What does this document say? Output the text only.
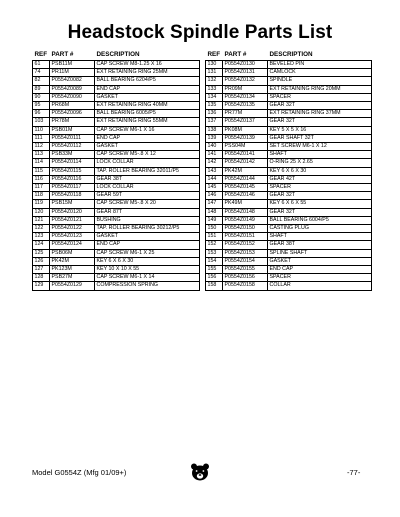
Headstock Spindle Parts List
REF	PART #	DESCRIPTION
61	PSB11M	CAP SCREW M8-1.25 X 16
74	PR11M	EXT RETAINING RING 25MM
82	P0554Z0082	BALL BEARING 6204/P5
89	P0554Z0089	END CAP
90	P0554Z0090	GASKET
95	PR68M	EXT RETAINING RING 40MM
96	P0554Z0096	BALL BEARING 6005/P5
103	PR78M	EXT RETAINING RING 55MM
110	PSB01M	CAP SCREW M6-1 X 16
111	P0554Z0111	END CAP
112	P0554Z0112	GASKET
113	PSB33M	CAP SCREW M5-.8 X 12
114	P0554Z0114	LOCK COLLAR
115	P0554Z0115	TAP. ROLLER BEARING 32011/P5
116	P0554Z0116	GEAR 38T
117	P0554Z0117	LOCK COLLAR
118	P0554Z0118	GEAR 59T
119	PSB15M	CAP SCREW M5-.8 X 20
120	P0554Z0120	GEAR 87T
121	P0554Z0121	BUSHING
122	P0554Z0122	TAP. ROLLER BEARING 30212/P5
123	P0554Z0123	GASKET
124	P0554Z0124	END CAP
125	PSB06M	CAP SCREW M6-1 X 25
126	PK42M	KEY 6 X 6 X 30
127	PK123M	KEY 10 X 10 X 55
128	PSB27M	CAP SCREW M6-1 X 14
129	P0554Z0129	COMPRESSION SPRING
REF	PART #	DESCRIPTION
130	P0554Z0130	BEVELED PIN
131	P0554Z0131	CAMLOCK
132	P0554Z0132	SPINDLE
133	PR09M	EXT RETAINING RING 20MM
134	P0554Z0134	SPACER
135	P0554Z0135	GEAR 32T
136	PR77M	EXT RETAINING RING 37MM
137	P0554Z0137	GEAR 32T
138	PK08M	KEY 5 X 5 X 16
139	P0554Z0139	GEAR SHAFT 32T
140	PSS04M	SET SCREW M6-1 X 12
141	P0554Z0141	SHAFT
142	P0554Z0142	O-RING 25 X 2.65
143	PK42M	KEY 6 X 6 X 30
144	P0554Z0144	GEAR 42T
145	P0554Z0145	SPACER
146	P0554Z0146	GEAR 32T
147	PK49M	KEY 6 X 6 X 55
148	P0554Z0148	GEAR 32T
149	P0554Z0149	BALL BEARING 6004/P5
150	P0554Z0150	CASTING PLUG
151	P0554Z0151	SHAFT
152	P0554Z0152	GEAR 38T
153	P0554Z0153	SPLINE SHAFT
154	P0554Z0154	GASKET
155	P0554Z0155	END CAP
156	P0554Z0156	SPACER
158	P0554Z0158	COLLAR
Model G0554Z (Mfg 01/09+)	-77-
